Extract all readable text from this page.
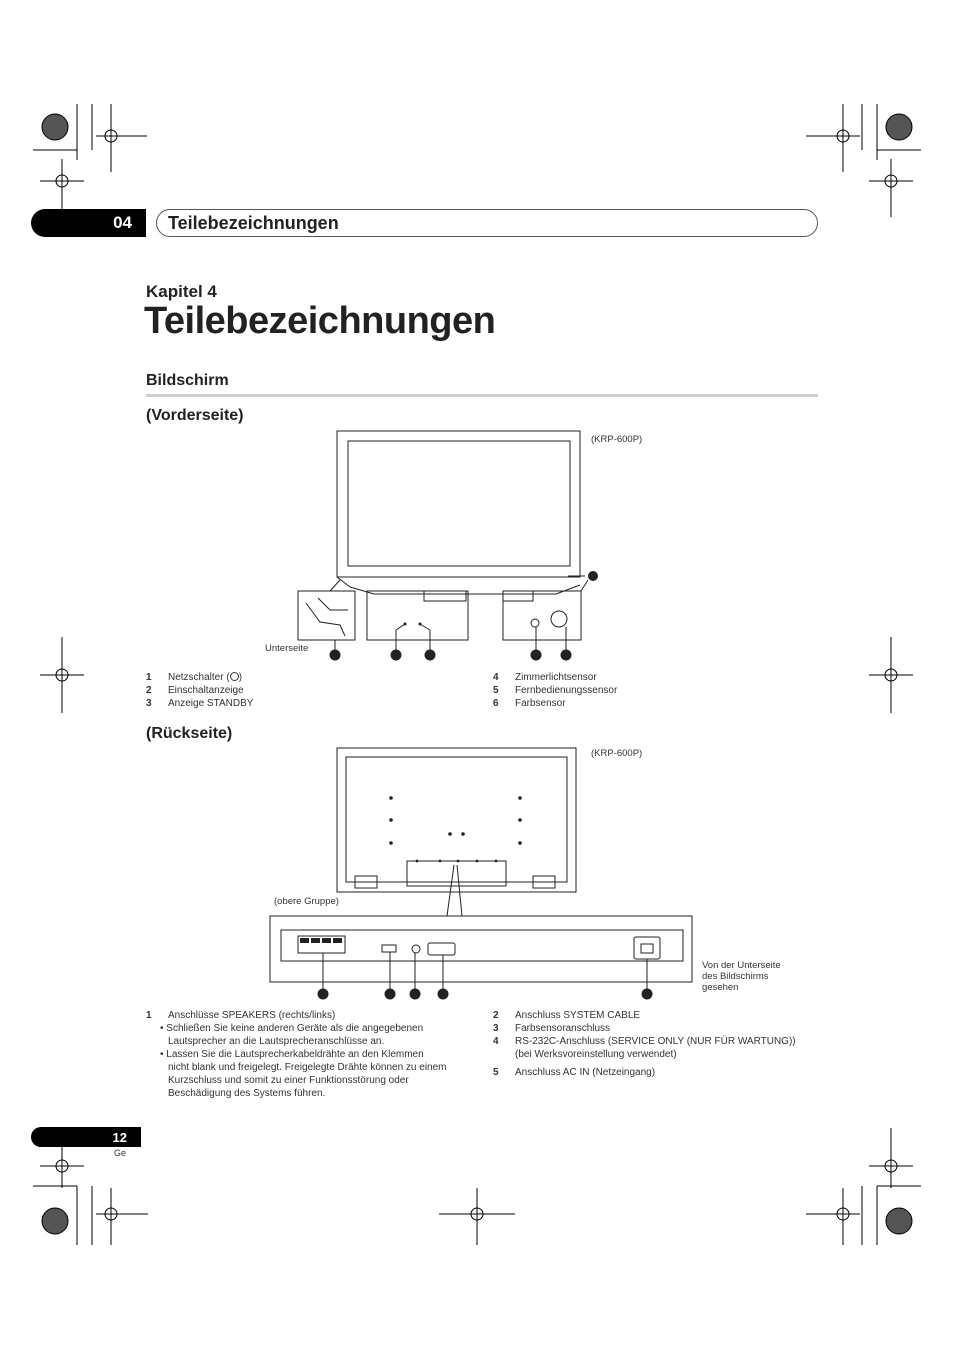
04	Teilebezeichnungen
Kapitel 4
Teilebezeichnungen
Bildschirm
(Vorderseite)
(KRP-600P)
Unterseite
1	Netzschalter ( )
2	Einschaltanzeige
3	Anzeige STANDBY
4	Zimmerlichtsensor
5	Fernbedienungssensor
6	Farbsensor
(Rückseite)
(KRP-600P)
(obere Gruppe)
Von der Unterseite
des Bildschirms
gesehen
1	Anschlüsse SPEAKERS (rechts/links)
• Schließen Sie keine anderen Geräte als die angegebenen
Lautsprecher an die Lautsprecheranschlüsse an.
• Lassen Sie die Lautsprecherkabeldrähte an den Klemmen
nicht blank und freigelegt. Freigelegte Drähte können zu einem
Kurzschluss und somit zu einer Funktionsstörung oder
Beschädigung des Systems führen.
2	Anschluss SYSTEM CABLE
3	Farbsensoranschluss
4	RS-232C-Anschluss (SERVICE ONLY (NUR FÜR WARTUNG))
(bei Werksvoreinstellung verwendet)
5	Anschluss AC IN (Netzeingang)
12
Ge
